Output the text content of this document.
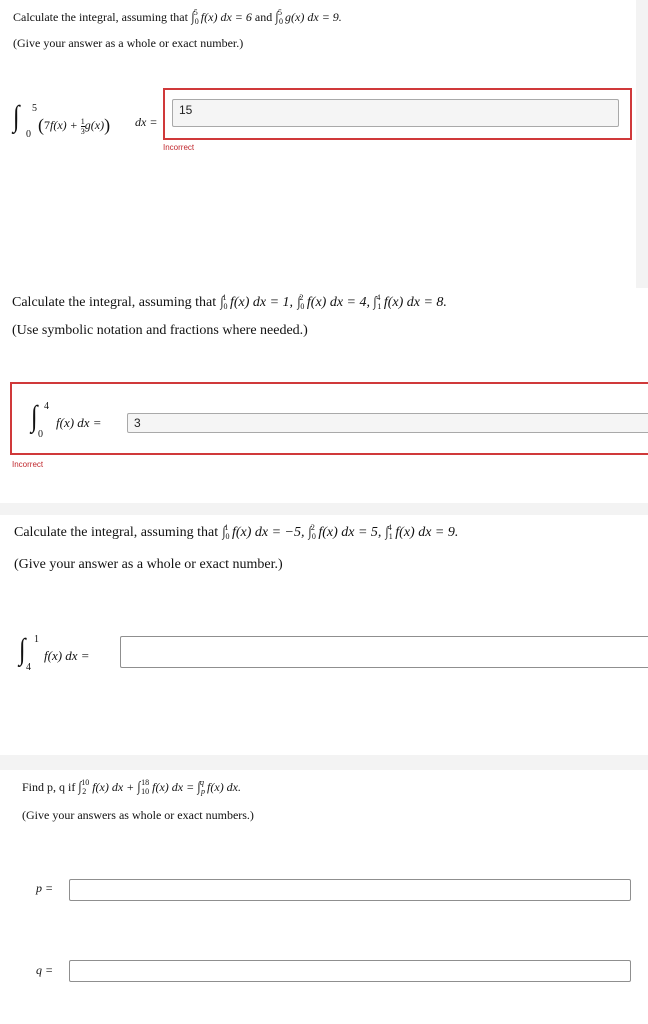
Calculate the integral, assuming that $\int_0^5$ f(x) dx = 6 and $\int_0^5$ g(x) dx = 9.
(Give your answer as a whole or exact number.)
∫ 5
0 $(7f(x) + \frac{1}{3} g(x))$ dx =
15
Incorrect
Calculate the integral, assuming that $\int_0^1$ f(x) dx = 1, $\int_0^2$ f(x) dx = 4, $\int_1^4$ f(x) dx = 8.
(Use symbolic notation and fractions where needed.)
∫ 4
0
f(x) dx =	3
Incorrect
Calculate the integral, assuming that $\int_0^1$ f(x) dx = −5, $\int_0^2$ f(x) dx = 5, $\int_1^4$ f(x) dx = 9.
(Give your answer as a whole or exact number.)
∫ 1
4
f(x) dx =
Find p, q if $\int_2^{10}$ f(x) dx + $\int_{10}^{18}$ f(x) dx = $\int_p^q$ f(x) dx.
(Give your answers as whole or exact numbers.)
p =
q =
